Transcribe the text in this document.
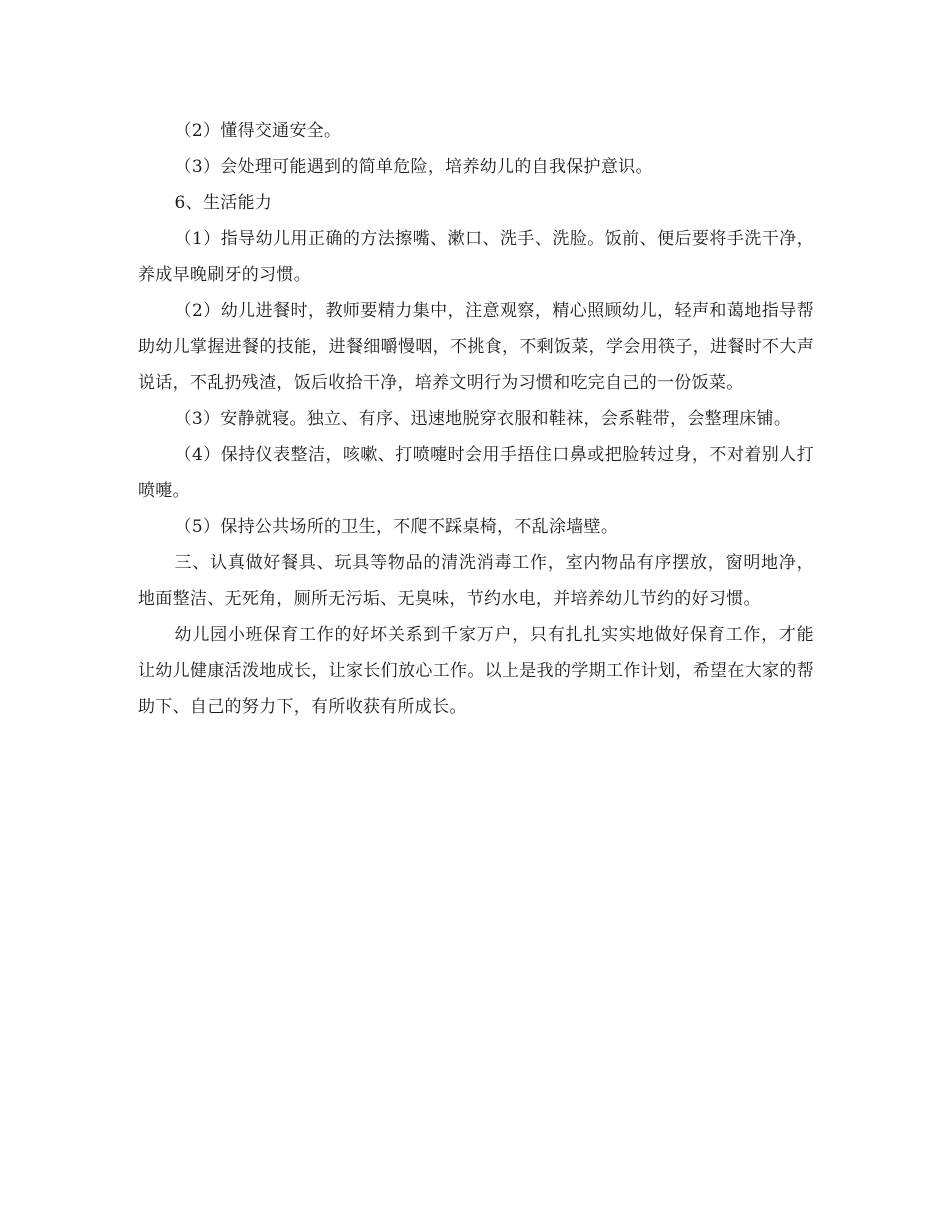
（2）懂得交通安全。

（3）会处理可能遇到的简单危险，培养幼儿的自我保护意识。

6、生活能力

（1）指导幼儿用正确的方法擦嘴、漱口、洗手、洗脸。饭前、便后要将手洗干净，养成早晚刷牙的习惯。

（2）幼儿进餐时，教师要精力集中，注意观察，精心照顾幼儿，轻声和蔼地指导帮助幼儿掌握进餐的技能，进餐细嚼慢咽，不挑食，不剩饭菜，学会用筷子，进餐时不大声说话，不乱扔残渣，饭后收拾干净，培养文明行为习惯和吃完自己的一份饭菜。

（3）安静就寝。独立、有序、迅速地脱穿衣服和鞋袜，会系鞋带，会整理床铺。

（4）保持仪表整洁，咳嗽、打喷嚏时会用手捂住口鼻或把脸转过身，不对着别人打喷嚏。

（5）保持公共场所的卫生，不爬不踩桌椅，不乱涂墙壁。

三、认真做好餐具、玩具等物品的清洗消毒工作，室内物品有序摆放，窗明地净，地面整洁、无死角，厕所无污垢、无臭味，节约水电，并培养幼儿节约的好习惯。

幼儿园小班保育工作的好坏关系到千家万户，只有扎扎实实地做好保育工作，才能让幼儿健康活泼地成长，让家长们放心工作。以上是我的学期工作计划，希望在大家的帮助下、自己的努力下，有所收获有所成长。
